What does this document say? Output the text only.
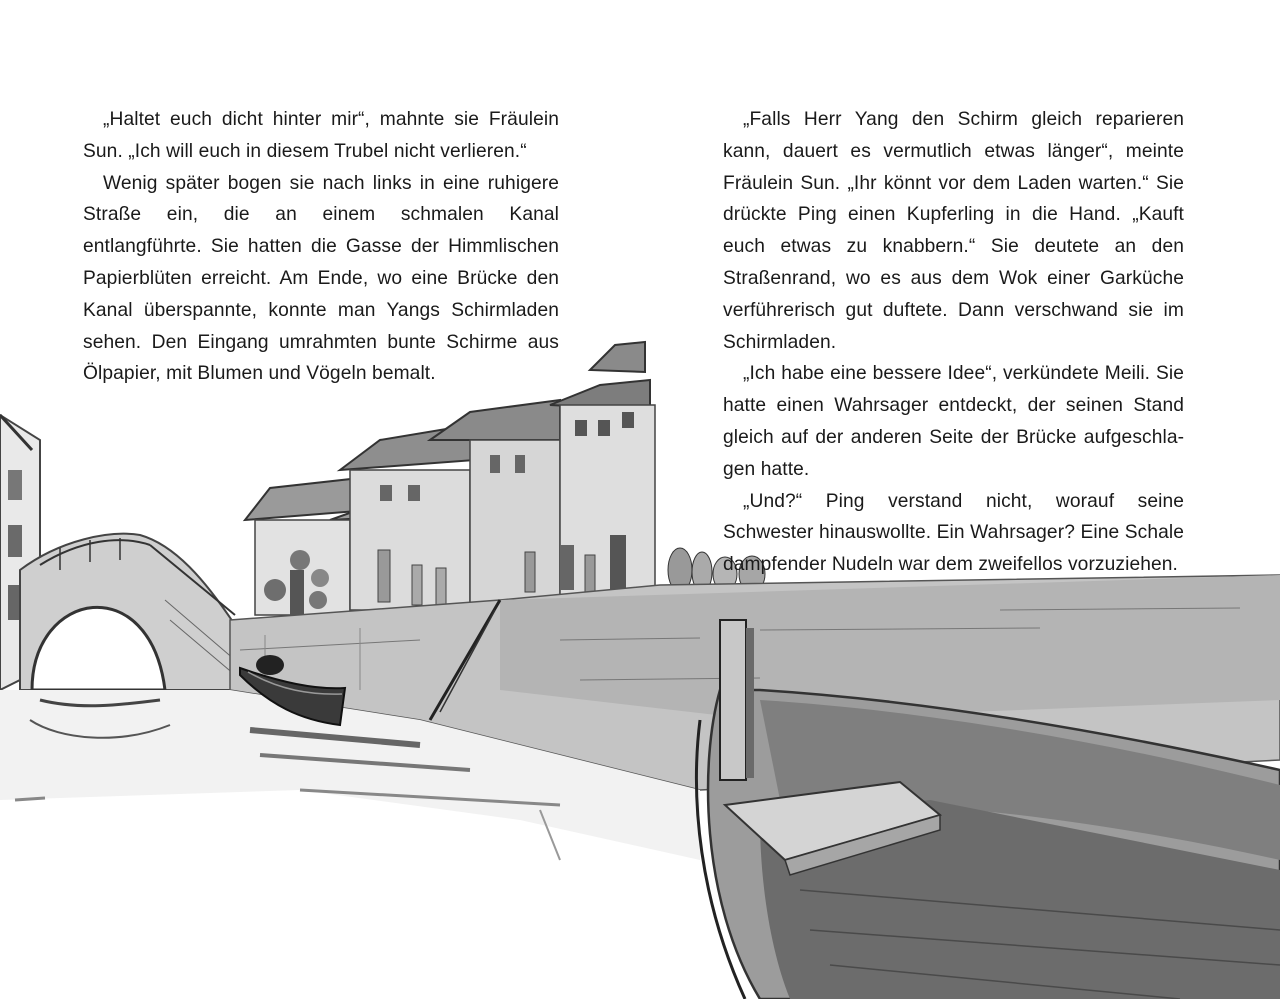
„Haltet euch dicht hinter mir“, mahnte sie Fräulein Sun. „Ich will euch in diesem Trubel nicht verlieren.“

Wenig später bogen sie nach links in eine ruhigere Straße ein, die an einem schmalen Kanal entlangführte. Sie hatten die Gasse der Himmlischen Papierblüten erreicht. Am Ende, wo eine Brücke den Kanal überspannte, konnte man Yangs Schirmladen sehen. Den Eingang umrahmten bunte Schirme aus Ölpapier, mit Blumen und Vögeln bemalt.

„Falls Herr Yang den Schirm gleich reparieren kann, dauert es vermutlich etwas länger“, meinte Fräulein Sun. „Ihr könnt vor dem Laden warten.“ Sie drückte Ping einen Kupferling in die Hand. „Kauft euch etwas zu knabbern.“ Sie deutete an den Straßenrand, wo es aus dem Wok einer Garküche verführerisch gut duftete. Dann verschwand sie im Schirmladen.

„Ich habe eine bessere Idee“, verkündete Meili. Sie hatte einen Wahrsager entdeckt, der seinen Stand gleich auf der anderen Seite der Brücke aufgeschlagen hatte.

„Und?“ Ping verstand nicht, worauf seine Schwester hinauswollte. Ein Wahrsager? Eine Schale dampfender Nudeln war dem zweifellos vorzuziehen.
